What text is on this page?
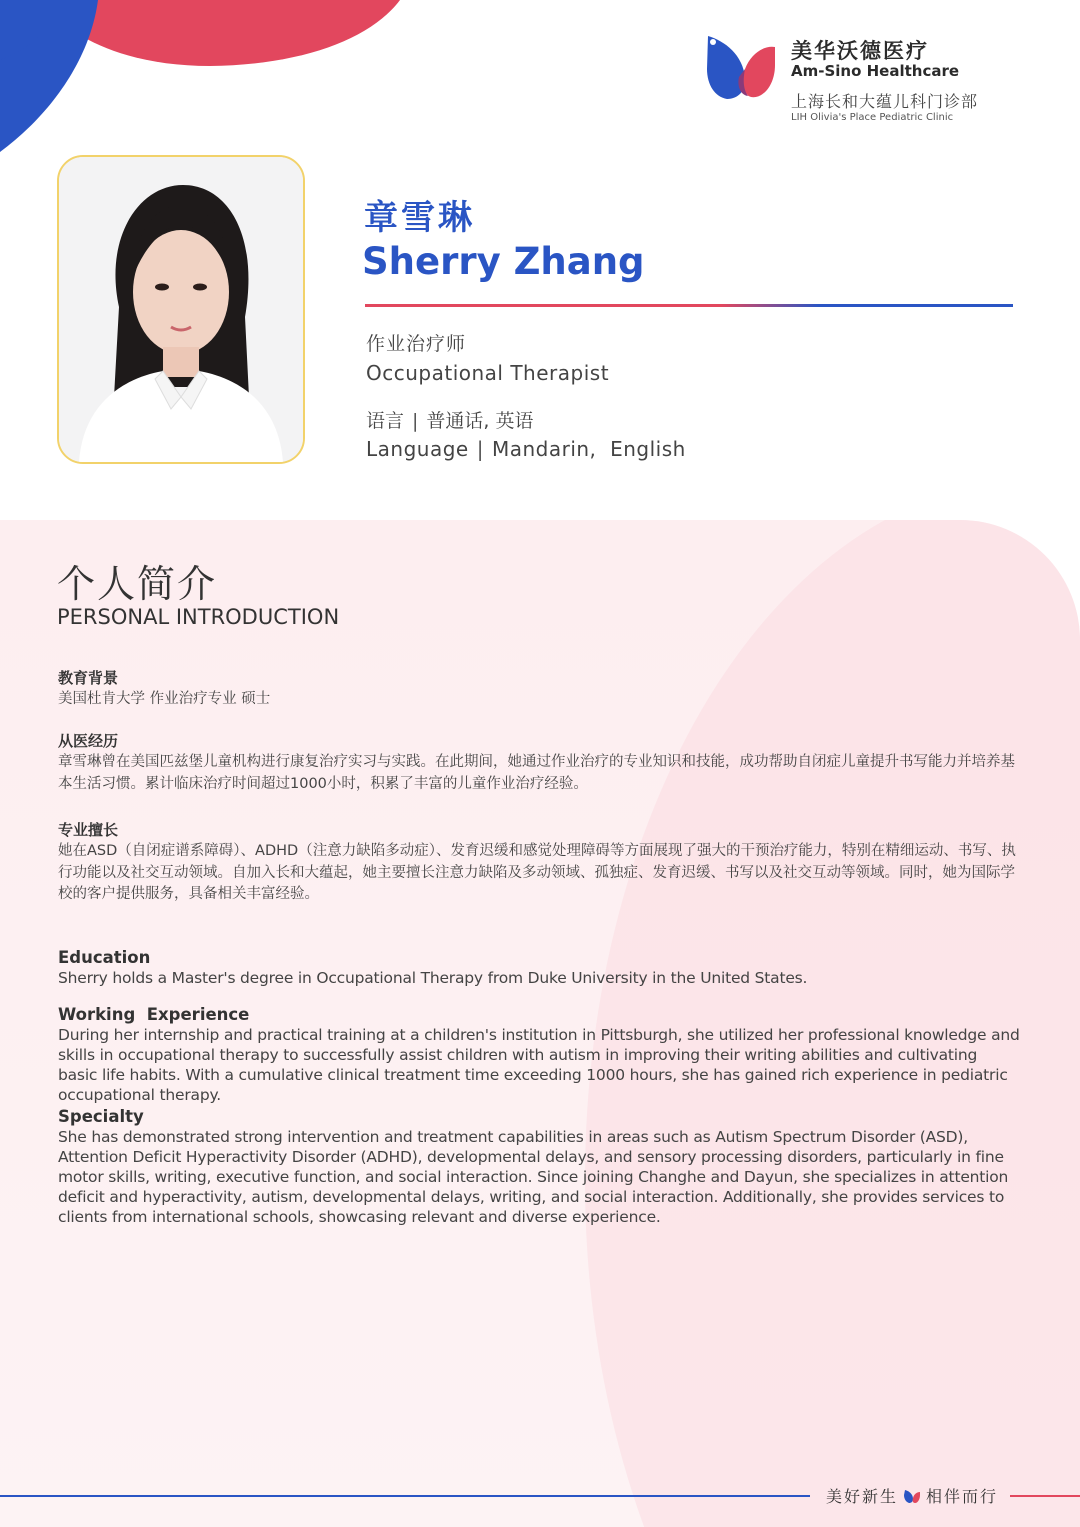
美华沃德医疗
Am-Sino Healthcare
上海长和大蕴儿科门诊部
LIH Olivia's Place Pediatric Clinic
章雪琳
Sherry Zhang
作业治疗师
Occupational Therapist
语言 | 普通话, 英语
Language | Mandarin,  English
个人简介
PERSONAL INTRODUCTION
教育背景
美国杜肯大学 作业治疗专业 硕士
从医经历
章雪琳曾在美国匹兹堡儿童机构进行康复治疗实习与实践。在此期间，她通过作业治疗的专业知识和技能，成功帮助自闭症儿童提升书写能力并培养基本生活习惯。累计临床治疗时间超过1000小时，积累了丰富的儿童作业治疗经验。
专业擅长
她在ASD（自闭症谱系障碍）、ADHD（注意力缺陷多动症）、发育迟缓和感觉处理障碍等方面展现了强大的干预治疗能力，特别在精细运动、书写、执行功能以及社交互动领域。自加入长和大蕴起，她主要擅长注意力缺陷及多动领域、孤独症、发育迟缓、书写以及社交互动等领域。同时，她为国际学校的客户提供服务，具备相关丰富经验。
Education
Sherry holds a Master's degree in Occupational Therapy from Duke University in the United States.
Working  Experience
During her internship and practical training at a children's institution in Pittsburgh, she utilized her professional knowledge and skills in occupational therapy to successfully assist children with autism in improving their writing abilities and cultivating basic life habits. With a cumulative clinical treatment time exceeding 1000 hours, she has gained rich experience in pediatric occupational therapy.
Specialty
She has demonstrated strong intervention and treatment capabilities in areas such as Autism Spectrum Disorder (ASD), Attention Deficit Hyperactivity Disorder (ADHD), developmental delays, and sensory processing disorders, particularly in fine motor skills, writing, executive function, and social interaction. Since joining Changhe and Dayun, she specializes in attention deficit and hyperactivity, autism, developmental delays, writing, and social interaction. Additionally, she provides services to clients from international schools, showcasing relevant and diverse experience.
美好新生 相伴而行
